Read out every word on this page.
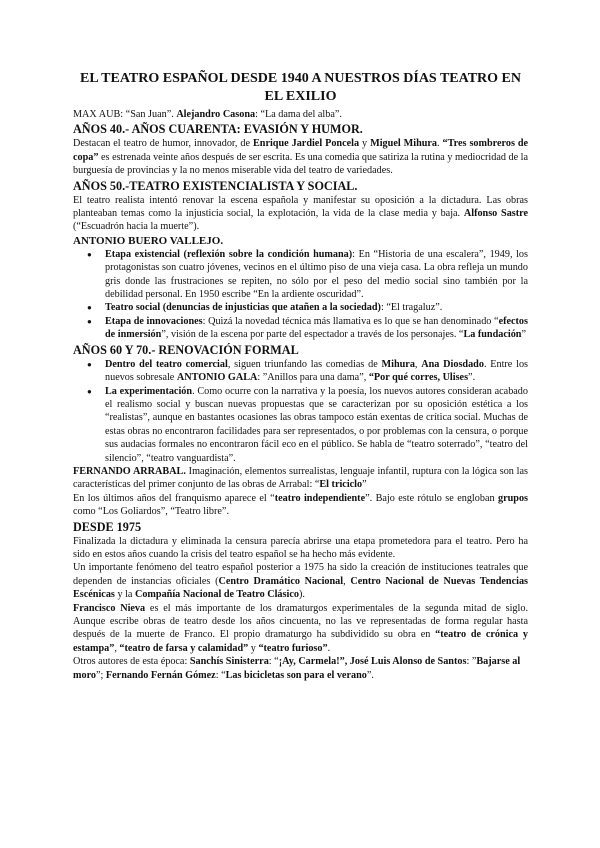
EL TEATRO ESPAÑOL DESDE 1940 A NUESTROS DÍAS TEATRO EN EL EXILIO

MAX AUB: “San Juan”. Alejandro Casona: “La dama del alba”.

AÑOS 40.- AÑOS CUARENTA: EVASIÓN Y HUMOR.

Destacan el teatro de humor, innovador, de Enrique Jardiel Poncela y Miguel Mihura. “Tres sombreros de copa” es estrenada veinte años después de ser escrita. Es una comedia que satiriza la rutina y mediocridad de la burguesía de provincias y la no menos miserable vida del teatro de variedades.

AÑOS 50.-TEATRO EXISTENCIALISTA Y SOCIAL.

El teatro realista intentó renovar la escena española y manifestar su oposición a la dictadura. Las obras planteaban temas como la injusticia social, la explotación, la vida de la clase media y baja. Alfonso Sastre (“Escuadrón hacia la muerte”).

ANTONIO BUERO VALLEJO.
● Etapa existencial (reflexión sobre la condición humana): En “Historia de una escalera”, 1949, los protagonistas son cuatro jóvenes, vecinos en el último piso de una vieja casa. La obra refleja un mundo gris donde las frustraciones se repiten, no sólo por el peso del medio social sino también por la debilidad personal. En 1950 escribe “En la ardiente oscuridad”.
● Teatro social (denuncias de injusticias que atañen a la sociedad): “El tragaluz”.
● Etapa de innovaciones: Quizá la novedad técnica más llamativa es lo que se han denominado “efectos de inmersión”, visión de la escena por parte del espectador a través de los personajes. “La fundación”
AÑOS 60 Y 70.- RENOVACIÓN FORMAL
● Dentro del teatro comercial, siguen triunfando las comedias de Mihura, Ana Diosdado. Entre los nuevos sobresale ANTONIO GALA: ”Anillos para una dama”, “Por qué corres, Ulises”.
● La experimentación. Como ocurre con la narrativa y la poesía, los nuevos autores consideran acabado el realismo social y buscan nuevas propuestas que se caracterizan por su oposición estética a los “realistas”, aunque en bastantes ocasiones las obras tampoco están exentas de crítica social. Muchas de estas obras no encontraron facilidades para ser representados, o por problemas con la censura, o porque sus audacias formales no encontraron fácil eco en el público. Se habla de “teatro soterrado”, “teatro del silencio”, “teatro vanguardista”.

FERNANDO ARRABAL. Imaginación, elementos surrealistas, lenguaje infantil, ruptura con la lógica son las características del primer conjunto de las obras de Arrabal: “El triciclo”

En los últimos años del franquismo aparece el “teatro independiente”. Bajo este rótulo se engloban grupos como “Los Goliardos”, “Teatro libre”.

DESDE 1975

Finalizada la dictadura y eliminada la censura parecía abrirse una etapa prometedora para el teatro. Pero ha sido en estos años cuando la crisis del teatro español se ha hecho más evidente.

Un importante fenómeno del teatro español posterior a 1975 ha sido la creación de instituciones teatrales que dependen de instancias oficiales (Centro Dramático Nacional, Centro Nacional de Nuevas Tendencias Escénicas y la Compañía Nacional de Teatro Clásico).

Francisco Nieva es el más importante de los dramaturgos experimentales de la segunda mitad de siglo. Aunque escribe obras de teatro desde los años cincuenta, no las ve representadas de forma regular hasta después de la muerte de Franco. El propio dramaturgo ha subdividido su obra en “teatro de crónica y estampa”, “teatro de farsa y calamidad” y “teatro furioso”.

Otros autores de esta época: Sanchís Sinisterra: “¡Ay, Carmela!”, José Luis Alonso de Santos: ”Bajarse al moro”; Fernando Fernán Gómez: “Las bicicletas son para el verano”.
